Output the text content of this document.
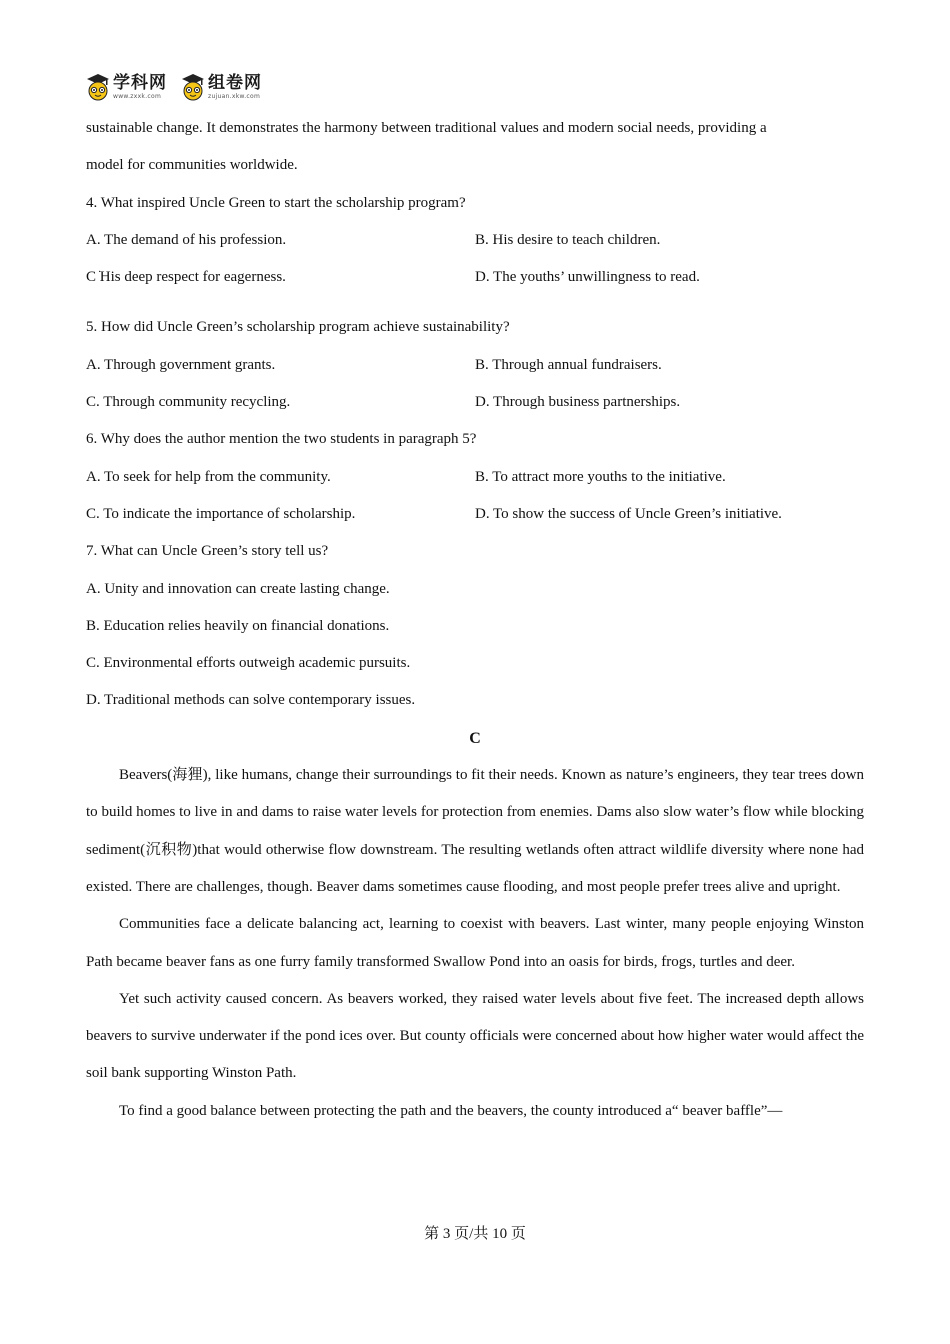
学科网
www.zxxk.com
组卷网
zujuan.xkw.com
sustainable change. It demonstrates the harmony between traditional values and modern social needs, providing a
model for communities worldwide.
4. What inspired Uncle Green to start the scholarship program?
A. The demand of his profession.	B. His desire to teach children.
C His deep respect for eagerness. ·	D. The youths’ unwillingness to read.
5. How did Uncle Green’s scholarship program achieve sustainability?
A. Through government grants.	B. Through annual fundraisers.
C. Through community recycling.	D. Through business partnerships.
6. Why does the author mention the two students in paragraph 5?
A. To seek for help from the community.	B. To attract more youths to the initiative.
C. To indicate the importance of scholarship.	D. To show the success of Uncle Green’s initiative.
7. What can Uncle Green’s story tell us?
A. Unity and innovation can create lasting change.
B. Education relies heavily on financial donations.
C. Environmental efforts outweigh academic pursuits.
D. Traditional methods can solve contemporary issues.
C

Beavers(海狸), like humans, change their surroundings to fit their needs. Known as nature’s engineers, they tear trees down to build homes to live in and dams to raise water levels for protection from enemies. Dams also slow water’s flow while blocking sediment(沉积物)that would otherwise flow downstream. The resulting wetlands often attract wildlife diversity where none had existed. There are challenges, though. Beaver dams sometimes cause flooding, and most people prefer trees alive and upright.

Communities face a delicate balancing act, learning to coexist with beavers. Last winter, many people enjoying Winston Path became beaver fans as one furry family transformed Swallow Pond into an oasis for birds, frogs, turtles and deer.

Yet such activity caused concern. As beavers worked, they raised water levels about five feet. The increased depth allows beavers to survive underwater if the pond ices over. But county officials were concerned about how higher water would affect the soil bank supporting Winston Path.

To find a good balance between protecting the path and the beavers, the county introduced a“ beaver baffle”—

第 3 页/共 10 页
